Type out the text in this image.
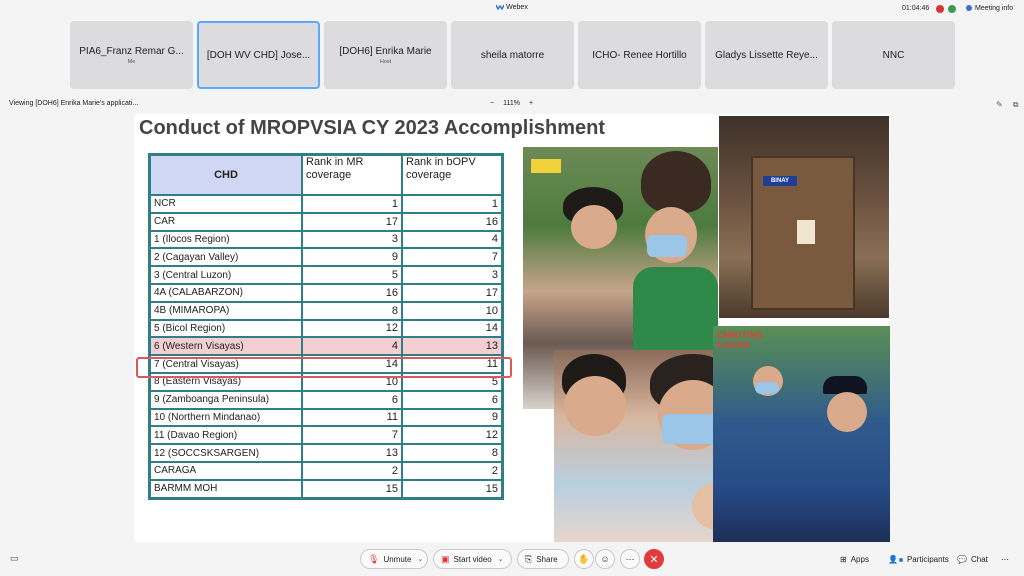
Webex	01:04:46	Meeting info
PIA6_Franz Remar G...
Me
[DOH WV CHD] Jose...	[DOH6] Enrika Marie
Host
sheila matorre	ICHO- Renee Hortillo	Gladys Lissette Reye...	NNC
Viewing [DOH6] Enrika Marie's applicati...	− 111% +	✎ ⧉
Conduct of MROPVSIA CY 2023 Accomplishment
CHD	Rank in MR coverage	Rank in bOPV coverage
NCR	1	1
CAR	17	16
1 (Ilocos Region)	3	4
2 (Cagayan Valley)	9	7
3 (Central Luzon)	5	3
4A (CALABARZON)	16	17
4B (MIMAROPA)	8	10
5 (Bicol Region)	12	14
6 (Western Visayas)	4	13
7 (Central Visayas)	14	11
8 (Eastern Visayas)	10	5
9 (Zamboanga Peninsula)	6	6
10 (Northern Mindanao)	11	9
11 (Davao Region)	7	12
12 (SOCCSKSARGEN)	13	8
CARAGA	2	2
BARMM MOH	15	15
BINAY
CHIKITING LIGTAS
▭	🎙 Unmute ⌄ ▣ Start video ⌄ ⎘ Share ✋ ☺ ⋯ ✕	⊞ Apps 👤 Participants 💬 Chat ⋯
